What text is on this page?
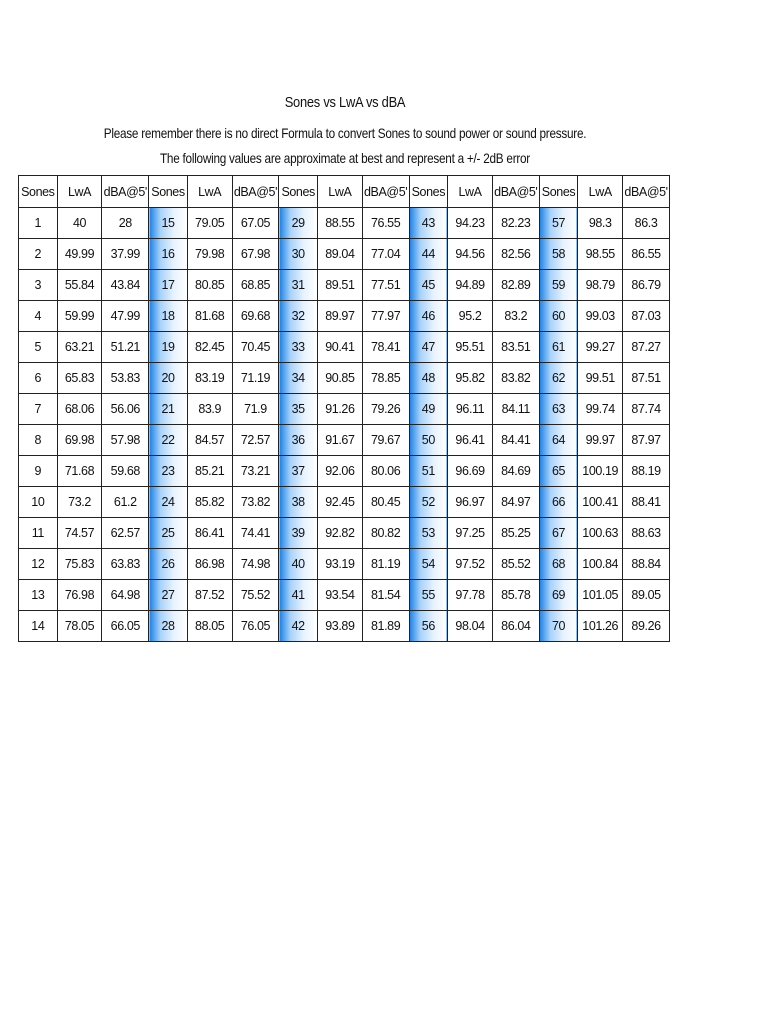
Sones vs LwA vs dBA
Please remember there is no direct Formula to convert Sones to sound power or sound pressure.
The following values are approximate at best and represent a +/- 2dB error
Sones	LwA	dBA@5'	Sones	LwA	dBA@5'	Sones	LwA	dBA@5'	Sones	LwA	dBA@5'	Sones	LwA	dBA@5'
1	40	28	15	79.05	67.05	29	88.55	76.55	43	94.23	82.23	57	98.3	86.3
2	49.99	37.99	16	79.98	67.98	30	89.04	77.04	44	94.56	82.56	58	98.55	86.55
3	55.84	43.84	17	80.85	68.85	31	89.51	77.51	45	94.89	82.89	59	98.79	86.79
4	59.99	47.99	18	81.68	69.68	32	89.97	77.97	46	95.2	83.2	60	99.03	87.03
5	63.21	51.21	19	82.45	70.45	33	90.41	78.41	47	95.51	83.51	61	99.27	87.27
6	65.83	53.83	20	83.19	71.19	34	90.85	78.85	48	95.82	83.82	62	99.51	87.51
7	68.06	56.06	21	83.9	71.9	35	91.26	79.26	49	96.11	84.11	63	99.74	87.74
8	69.98	57.98	22	84.57	72.57	36	91.67	79.67	50	96.41	84.41	64	99.97	87.97
9	71.68	59.68	23	85.21	73.21	37	92.06	80.06	51	96.69	84.69	65	100.19	88.19
10	73.2	61.2	24	85.82	73.82	38	92.45	80.45	52	96.97	84.97	66	100.41	88.41
11	74.57	62.57	25	86.41	74.41	39	92.82	80.82	53	97.25	85.25	67	100.63	88.63
12	75.83	63.83	26	86.98	74.98	40	93.19	81.19	54	97.52	85.52	68	100.84	88.84
13	76.98	64.98	27	87.52	75.52	41	93.54	81.54	55	97.78	85.78	69	101.05	89.05
14	78.05	66.05	28	88.05	76.05	42	93.89	81.89	56	98.04	86.04	70	101.26	89.26
